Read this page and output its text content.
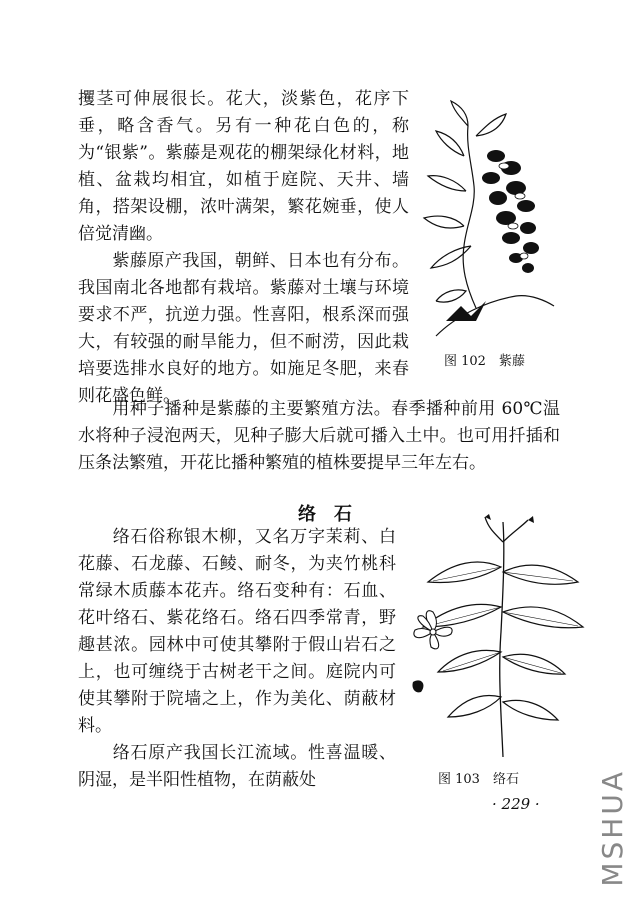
攫茎可伸展很长。花大，淡紫色，花序下垂，略含香气。另有一种花白色的，称为“银紫”。紫藤是观花的棚架绿化材料，地植、盆栽均相宜，如植于庭院、天井、墙角，搭架设棚，浓叶满架，繁花婉垂，使人倍觉清幽。

紫藤原产我国，朝鲜、日本也有分布。我国南北各地都有栽培。紫藤对土壤与环境要求不严，抗逆力强。性喜阳，根系深而强大，有较强的耐旱能力，但不耐涝，因此栽培要选排水良好的地方。如施足冬肥，来春则花盛色鲜。

图 102　紫藤

用种子播种是紫藤的主要繁殖方法。春季播种前用 60℃温水将种子浸泡两天，见种子膨大后就可播入土中。也可用扦插和压条法繁殖，开花比播种繁殖的植株要提早三年左右。

络石

络石俗称银木柳，又名万字茉莉、白花藤、石龙藤、石鲮、耐冬，为夹竹桃科常绿木质藤本花卉。络石变种有：石血、花叶络石、紫花络石。络石四季常青，野趣甚浓。园林中可使其攀附于假山岩石之上，也可缠绕于古树老干之间。庭院内可使其攀附于院墙之上，作为美化、荫蔽材料。

络石原产我国长江流域。性喜温暖、阴湿，是半阳性植物，在荫蔽处	图 103　络石
· 229 · MSHUA
